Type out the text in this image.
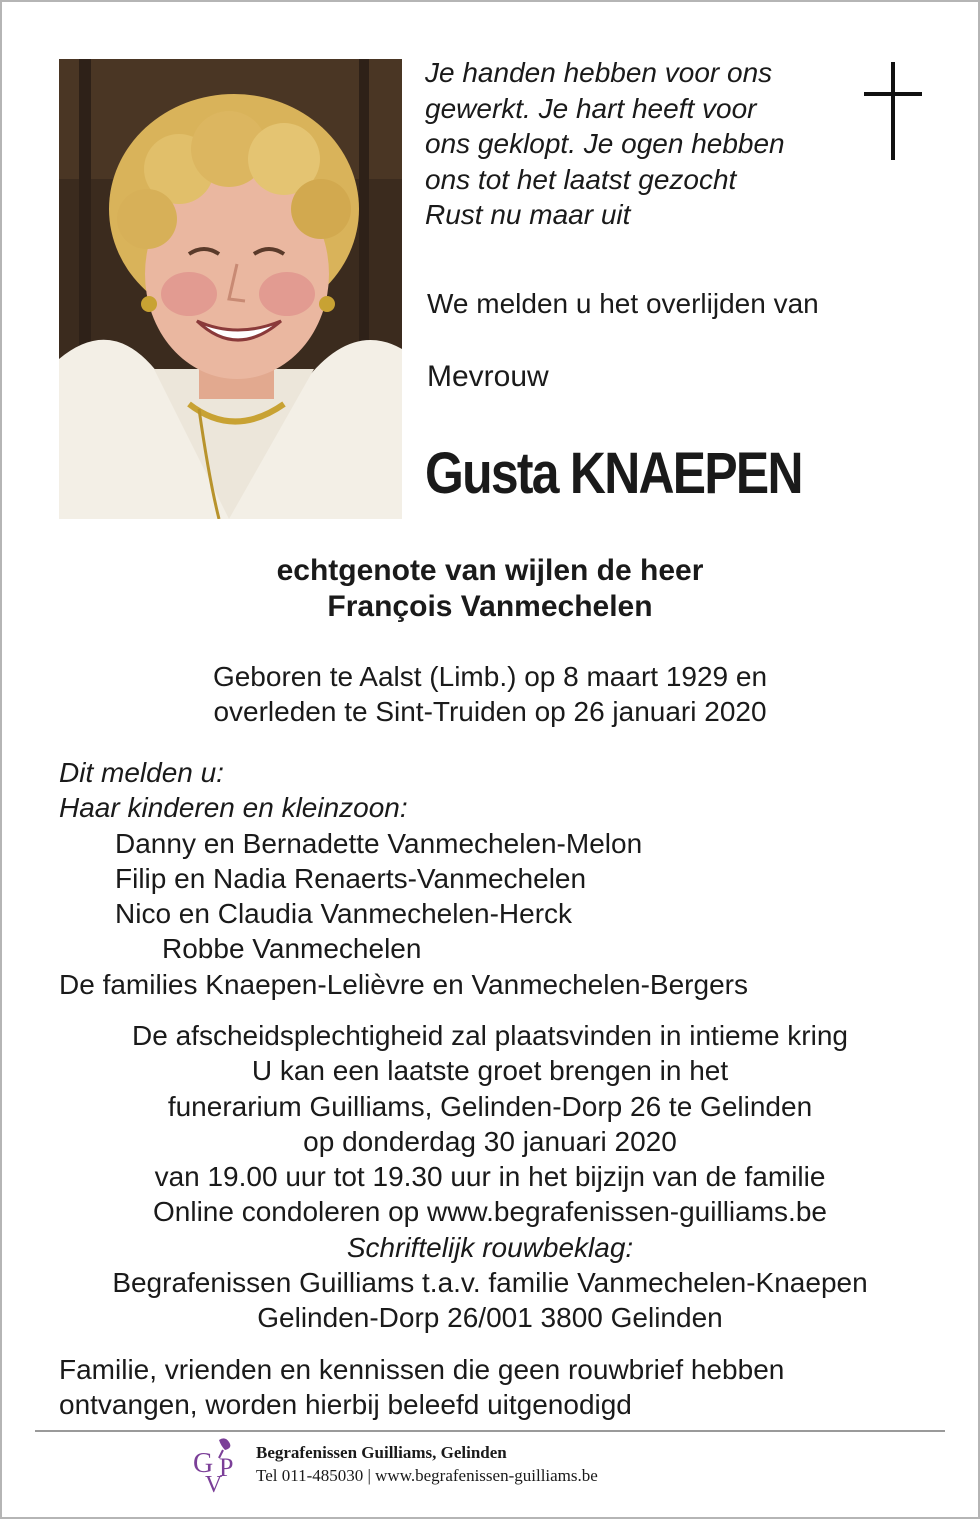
Je handen hebben voor ons
gewerkt. Je hart heeft voor
ons geklopt. Je ogen hebben
ons tot het laatst gezocht
Rust nu maar uit
We melden u het overlijden van
Mevrouw
Gusta KNAEPEN
echtgenote van wijlen de heer
François Vanmechelen
Geboren te Aalst (Limb.) op 8 maart 1929 en
overleden te Sint-Truiden op 26 januari 2020
Dit melden u:
Haar kinderen en kleinzoon:
Danny en Bernadette Vanmechelen-Melon
Filip en Nadia Renaerts-Vanmechelen
Nico en Claudia Vanmechelen-Herck
Robbe Vanmechelen
De families Knaepen-Lelièvre en Vanmechelen-Bergers
De afscheidsplechtigheid zal plaatsvinden in intieme kring
U kan een laatste groet brengen in het
funerarium Guilliams, Gelinden-Dorp 26 te Gelinden
op donderdag 30 januari 2020
van 19.00 uur tot 19.30 uur in het bijzijn van de familie
Online condoleren op www.begrafenissen-guilliams.be
Schriftelijk rouwbeklag:
Begrafenissen Guilliams t.a.v. familie Vanmechelen-Knaepen
Gelinden-Dorp 26/001 3800 Gelinden
Familie, vrienden en kennissen die geen rouwbrief hebben
ontvangen, worden hierbij beleefd uitgenodigd
G
V
P
Begrafenissen Guilliams, Gelinden
Tel 011-485030 | www.begrafenissen-guilliams.be
